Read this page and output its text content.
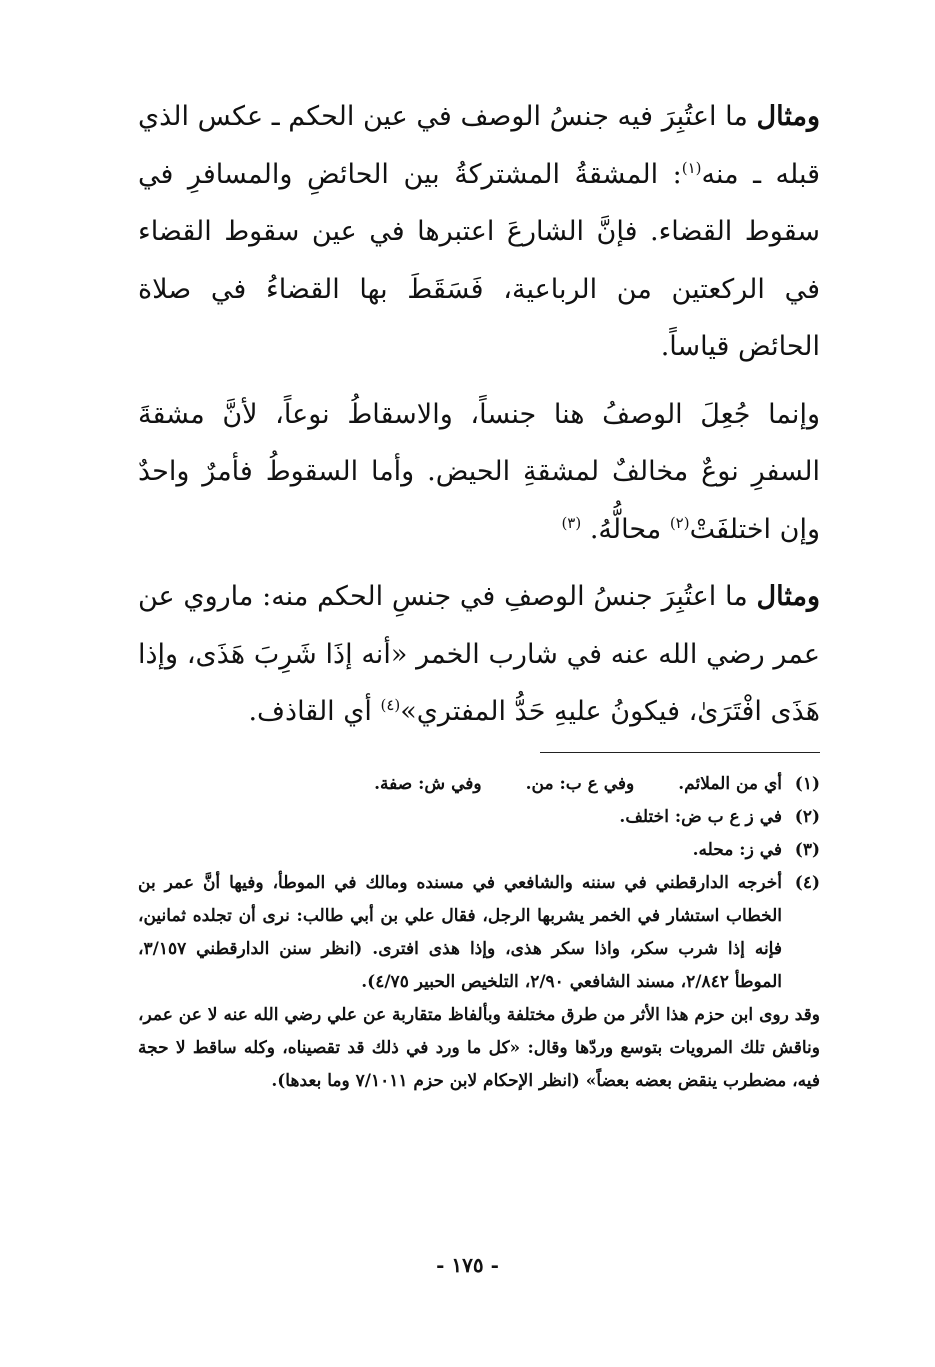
ومثال ما اعتُبِرَ فيه جنسُ الوصف في عين الحكم ـ عكس الذي قبله ـ منه$^{(١)}$: المشقةُ المشتركةُ بين الحائضِ والمسافرِ في سقوط القضاء. فإنَّ الشارعَ اعتبرها في عين سقوط القضاء في الركعتين من الرباعية، فَسَقَطَ بها القضاءُ في صلاة الحائض قياساً.

وإنما جُعِلَ الوصفُ هنا جنساً، والاسقاطُ نوعاً، لأنَّ مشقةَ السفرِ نوعٌ مخالفٌ لمشقةِ الحيض. وأما السقوطُ فأمرٌ واحدٌ وإن اختلفَتْ$^{(٢)}$ محالُّهُ. $^{(٣)}$

ومثال ما اعتُبِرَ جنسُ الوصفِ في جنسِ الحكم منه: ماروي عن عمر رضي الله عنه في شارب الخمر «أنه إذَا شَرِبَ هَذَى، وإذا هَذَى افْتَرَىٰ، فيكونُ عليهِ حَدُّ المفتري»$^{(٤)}$ أي القاذف.

(١)
أي من الملائم.وفي ع ب: من.وفي ش: صفة.
(٢)
في ز ع ب ض: اختلف.
(٣)
في ز: محله.
(٤)
أخرجه الدارقطني في سننه والشافعي في مسنده ومالك في الموطأ، وفيها أنَّ عمر بن الخطاب استشار في الخمر يشربها الرجل، فقال علي بن أبي طالب: نرى أن تجلده ثمانين، فإنه إذا شرب سكر، واذا سكر هذى، وإذا هذى افترى. (انظر سنن الدارقطني ٣/١٥٧، الموطأ ٢/٨٤٢، مسند الشافعي ٢/٩٠، التلخيص الحبير ٤/٧٥).

وقد روى ابن حزم هذا الأثر من طرق مختلفة وبألفاظ متقاربة عن علي رضي الله عنه لا عن عمر، وناقش تلك المرويات بتوسع وردّها وقال: «كل ما ورد في ذلك قد تقصيناه، وكله ساقط لا حجة فيه، مضطرب ينقض بعضه بعضاً» (انظر الإحكام لابن حزم ٧/١٠١١ وما بعدها).

- ١٧٥ -
